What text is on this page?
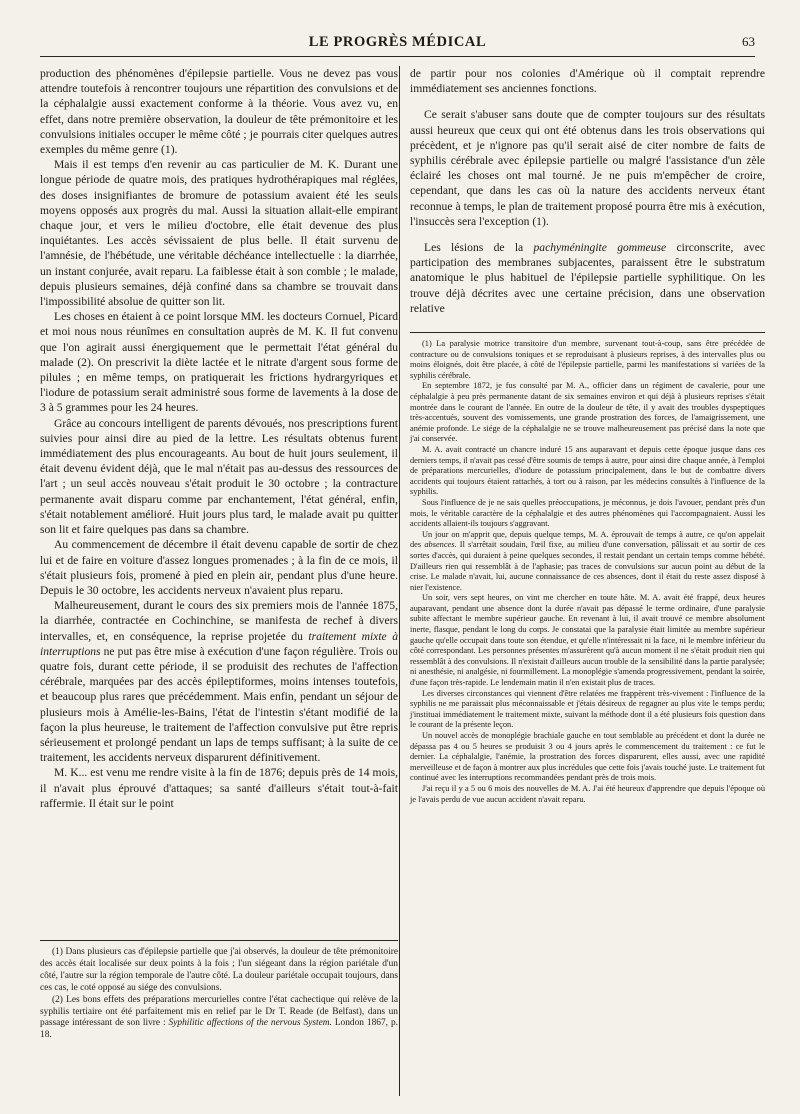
LE PROGRÈS MÉDICAL	63

production des phénomènes d'épilepsie partielle. Vous ne devez pas vous attendre toutefois à rencontrer toujours une répartition des convulsions et de la céphalalgie aussi exactement conforme à la théorie. Vous avez vu, en effet, dans notre première observation, la douleur de tête prémonitoire et les convulsions initiales occuper le même côté ; je pourrais citer quelques autres exemples du même genre (1).

Mais il est temps d'en revenir au cas particulier de M. K. Durant une longue période de quatre mois, des pratiques hydrothérapiques mal réglées, des doses insignifiantes de bromure de potassium avaient été les seuls moyens opposés aux progrès du mal. Aussi la situation allait-elle empirant chaque jour, et vers le milieu d'octobre, elle était devenue des plus inquiétantes. Les accès sévissaient de plus belle. Il était survenu de l'amnésie, de l'hébétude, une véritable déchéance intellectuelle : la diarrhée, un instant conjurée, avait reparu. La faiblesse était à son comble ; le malade, depuis plusieurs semaines, déjà confiné dans sa chambre se trouvait dans l'impossibilité absolue de quitter son lit.

Les choses en étaient à ce point lorsque MM. les docteurs Cornuel, Picard et moi nous nous réunîmes en consultation auprès de M. K. Il fut convenu que l'on agirait aussi énergiquement que le permettait l'état général du malade (2). On prescrivit la diète lactée et le nitrate d'argent sous forme de pilules ; en même temps, on pratiquerait les frictions hydrargyriques et l'iodure de potassium serait administré sous forme de lavements à la dose de 3 à 5 grammes pour les 24 heures.

Grâce au concours intelligent de parents dévoués, nos prescriptions furent suivies pour ainsi dire au pied de la lettre. Les résultats obtenus furent immédiatement des plus encourageants. Au bout de huit jours seulement, il était devenu évident déjà, que le mal n'était pas au-dessus des ressources de l'art ; un seul accès nouveau s'était produit le 30 octobre ; la contracture permanente avait disparu comme par enchantement, l'état général, enfin, s'était notablement amélioré. Huit jours plus tard, le malade avait pu quitter son lit et faire quelques pas dans sa chambre.

Au commencement de décembre il était devenu capable de sortir de chez lui et de faire en voiture d'assez longues promenades ; à la fin de ce mois, il s'était plusieurs fois, promené à pied en plein air, pendant plus d'une heure. Depuis le 30 octobre, les accidents nerveux n'avaient plus reparu.

Malheureusement, durant le cours des six premiers mois de l'année 1875, la diarrhée, contractée en Cochinchine, se manifesta de rechef à divers intervalles, et, en conséquence, la reprise projetée du traitement mixte à interruptions ne put pas être mise à exécution d'une façon régulière. Trois ou quatre fois, durant cette période, il se produisit des rechutes de l'affection cérébrale, marquées par des accès épileptiformes, moins intenses toutefois, et beaucoup plus rares que précédemment. Mais enfin, pendant un séjour de plusieurs mois à Amélie-les-Bains, l'état de l'intestin s'étant modifié de la façon la plus heureuse, le traitement de l'affection convulsive put être repris sérieusement et prolongé pendant un laps de temps suffisant; à la suite de ce traitement, les accidents nerveux disparurent définitivement.

M. K... est venu me rendre visite à la fin de 1876; depuis près de 14 mois, il n'avait plus éprouvé d'attaques; sa santé d'ailleurs s'était tout-à-fait raffermie. Il était sur le point

(1) Dans plusieurs cas d'épilepsie partielle que j'ai observés, la douleur de tête prémonitoire des accès était localisée sur deux points à la fois ; l'un siégeant dans la région pariétale d'un côté, l'autre sur la région temporale de l'autre côté. La douleur pariétale occupait toujours, dans ces cas, le coté opposé au siége des convulsions.

(2) Les bons effets des préparations mercurielles contre l'état cachectique qui relève de la syphilis tertiaire ont été parfaitement mis en relief par le Dr T. Reade (de Belfast), dans un passage intéressant de son livre : Syphilitic affections of the nervous System. London 1867, p. 18.

de partir pour nos colonies d'Amérique où il comptait reprendre immédiatement ses anciennes fonctions.

Ce serait s'abuser sans doute que de compter toujours sur des résultats aussi heureux que ceux qui ont été obtenus dans les trois observations qui précèdent, et je n'ignore pas qu'il serait aisé de citer nombre de faits de syphilis cérébrale avec épilepsie partielle ou malgré l'assistance d'un zèle éclairé les choses ont mal tourné. Je ne puis m'empêcher de croire, cependant, que dans les cas où la nature des accidents nerveux étant reconnue à temps, le plan de traitement proposé pourra être mis à exécution, l'insuccès sera l'exception (1).

Les lésions de la pachyméningite gommeuse circonscrite, avec participation des membranes subjacentes, paraissent être le substratum anatomique le plus habituel de l'épilepsie partielle syphilitique. On les trouve déjà décrites avec une certaine précision, dans une observation relative

(1) La paralysie motrice transitoire d'un membre, survenant tout-à-coup, sans être précédée de contracture ou de convulsions toniques et se reproduisant à plusieurs reprises, à des intervalles plus ou moins éloignés, doit être placée, à côté de l'épilepsie partielle, parmi les manifestations si variées de la syphilis cérébrale.

En septembre 1872, je fus consulté par M. A., officier dans un régiment de cavalerie, pour une céphalalgie à peu près permanente datant de six semaines environ et qui déjà à plusieurs reprises s'était montrée dans le courant de l'année. En outre de la douleur de tête, il y avait des troubles dyspeptiques très-accentués, souvent des vomissements, une grande prostration des forces, de l'amaigrissement, une anémie profonde. Le siége de la céphalalgie ne se trouve malheureusement pas précisé dans la note que j'ai conservée.

M. A. avait contracté un chancre induré 15 ans auparavant et depuis cette époque jusque dans ces derniers temps, il n'avait pas cessé d'être soumis de temps à autre, pour ainsi dire chaque année, à l'emploi de préparations mercurielles, d'iodure de potassium principalement, dans le but de combattre divers accidents qui toujours étaient rattachés, à tort ou à raison, par les médecins consultés à l'influence de la syphilis.

Sous l'influence de je ne sais quelles préoccupations, je méconnus, je dois l'avouer, pendant près d'un mois, le véritable caractère de la céphalalgie et des autres phénomènes qui l'accompagnaient. Aussi les accidents allaient-ils toujours s'aggravant.

Un jour on m'apprit que, depuis quelque temps, M. A. éprouvait de temps à autre, ce qu'on appelait des absences. Il s'arrêtait soudain, l'œil fixe, au milieu d'une conversation, pâlissait et au sortir de ces sortes d'accès, qui duraient à peine quelques secondes, il restait pendant un certain temps comme hébété. D'ailleurs rien qui ressemblât à de l'aphasie; pas traces de convulsions sur aucun point au début de la crise. Le malade n'avait, lui, aucune connaissance de ces absences, dont il était du reste assez disposé à nier l'existence.

Un soir, vers sept heures, on vint me chercher en toute hâte. M. A. avait été frappé, deux heures auparavant, pendant une absence dont la durée n'avait pas dépassé le terme ordinaire, d'une paralysie subite affectant le membre supérieur gauche. En revenant à lui, il avait trouvé ce membre absolument inerte, flasque, pendant le long du corps. Je constatai que la paralysie était limitée au membre supérieur gauche qu'elle occupait dans toute son étendue, et qu'elle n'intéressait ni la face, ni le membre inférieur du côté correspondant. Les personnes présentes m'assurèrent qu'à aucun moment il ne s'était produit rien qui ressemblât à des convulsions. Il n'existait d'ailleurs aucun trouble de la sensibilité dans la partie paralysée; ni anesthésie, ni analgésie, ni fourmillement. La monoplégie s'amenda progressivement, pendant la soirée, d'une façon très-rapide. Le lendemain matin il n'en existait plus de traces.

Les diverses circonstances qui viennent d'être relatées me frappèrent très-vivement : l'influence de la syphilis ne me paraissait plus méconnaissable et j'étais désireux de regagner au plus vite le temps perdu; j'instituai immédiatement le traitement mixte, suivant la méthode dont il a été plusieurs fois question dans le courant de la présente leçon.

Un nouvel accès de monoplégie brachiale gauche en tout semblable au précédent et dont la durée ne dépassa pas 4 ou 5 heures se produisit 3 ou 4 jours après le commencement du traitement : ce fut le dernier. La céphalalgie, l'anémie, la prostration des forces disparurent, elles aussi, avec une rapidité merveilleuse et de façon à montrer aux plus incrédules que cette fois j'avais touché juste. Le traitement fut continué avec les interruptions recommandées pendant près de trois mois.

J'ai reçu il y a 5 ou 6 mois des nouvelles de M. A. J'ai été heureux d'apprendre que depuis l'époque où je l'avais perdu de vue aucun accident n'avait reparu.
